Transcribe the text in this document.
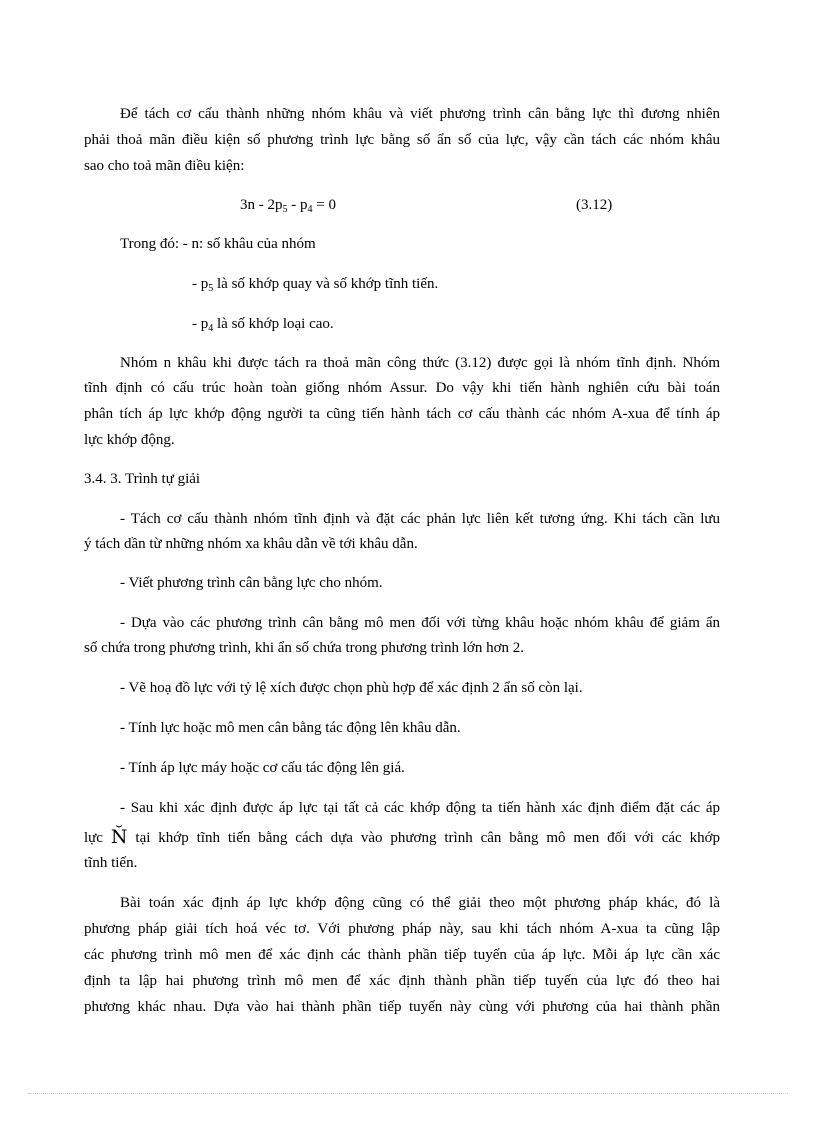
Để tách cơ cấu thành những nhóm khâu và viết phương trình cân bằng lực thì đương nhiên
phải thoả mãn điều kiện số phương trình lực bằng số ẩn số của lực, vậy cần tách các nhóm khâu
sao cho toả mãn điều kiện:
$3n - 2p_5 - p_4 = 0$	(3.12)
Trong đó: - n: số khâu của nhóm
- $p_5$ là số khớp quay và số khớp tĩnh tiến.
- $p_4$ là số khớp loại cao.
Nhóm n khâu khi được tách ra thoả mãn công thức (3.12) được gọi là nhóm tĩnh định. Nhóm
tĩnh định có cấu trúc hoàn toàn giống nhóm Assur. Do vậy khi tiến hành nghiên cứu bài toán
phân tích áp lực khớp động người ta cũng tiến hành tách cơ cấu thành các nhóm A-xua để tính áp
lực khớp động.
3.4. 3. Trình tự giải
- Tách cơ cấu thành nhóm tĩnh định và đặt các phản lực liên kết tương ứng. Khi tách cần lưu
ý tách dần từ những nhóm xa khâu dẫn về tới khâu dẫn.
- Viết phương trình cân bằng lực cho nhóm.
- Dựa vào các phương trình cân bằng mô men đối với từng khâu hoặc nhóm khâu để giảm ẩn
số chứa trong phương trình, khi ẩn số chứa trong phương trình lớn hơn 2.
- Vẽ hoạ đồ lực với tỷ lệ xích được chọn phù hợp để xác định 2 ẩn số còn lại.
- Tính lực hoặc mô men cân bằng tác động lên khâu dẫn.
- Tính áp lực máy hoặc cơ cấu tác động lên giá.
- Sau khi xác định được áp lực tại tất cả các khớp động ta tiến hành xác định điểm đặt các áp
lực N̆ tại khớp tĩnh tiến bằng cách dựa vào phương trình cân bằng mô men đối với các khớp
tĩnh tiến.
Bài toán xác định áp lực khớp động cũng có thể giải theo một phương pháp khác, đó là
phương pháp giải tích hoá véc tơ. Với phương pháp này, sau khi tách nhóm A-xua ta cũng lập
các phương trình mô men để xác định các thành phần tiếp tuyến của áp lực. Mỗi áp lực cần xác
định ta lập hai phương trình mô men để xác định thành phần tiếp tuyến của lực đó theo hai
phương khác nhau. Dựa vào hai thành phần tiếp tuyến này cùng với phương của hai thành phần
